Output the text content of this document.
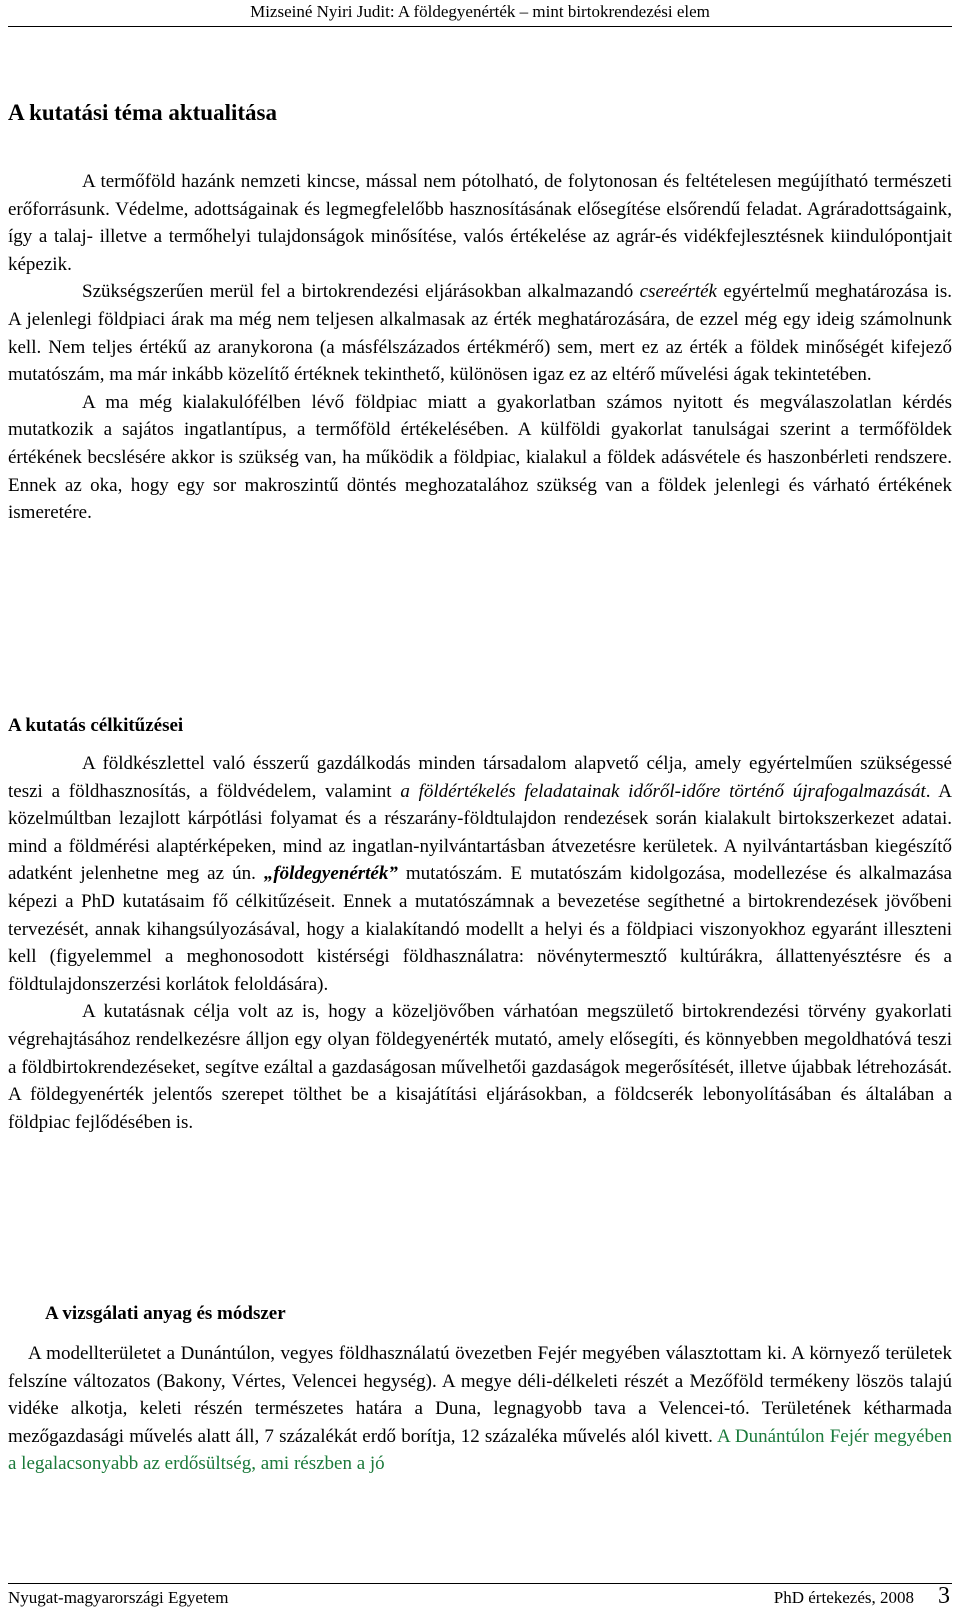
Mizseiné Nyiri Judit: A földegyenérték – mint birtokrendezési elem
A kutatási téma aktualitása

A termőföld hazánk nemzeti kincse, mással nem pótolható, de folytonosan és feltételesen megújítható természeti erőforrásunk. Védelme, adottságainak és legmegfelelőbb hasznosításának elősegítése elsőrendű feladat. Agráradottságaink, így a talaj- illetve a termőhelyi tulajdonságok minősítése, valós értékelése az agrár-és vidékfejlesztésnek kiindulópontjait képezik.

Szükségszerűen merül fel a birtokrendezési eljárásokban alkalmazandó csereérték egyértelmű meghatározása is. A jelenlegi földpiaci árak ma még nem teljesen alkalmasak az érték meghatározására, de ezzel még egy ideig számolnunk kell. Nem teljes értékű az aranykorona (a másfélszázados értékmérő) sem, mert ez az érték a földek minőségét kifejező mutatószám, ma már inkább közelítő értéknek tekinthető, különösen igaz ez az eltérő művelési ágak tekintetében.

A ma még kialakulófélben lévő földpiac miatt a gyakorlatban számos nyitott és megválaszolatlan kérdés mutatkozik a sajátos ingatlantípus, a termőföld értékelésében. A külföldi gyakorlat tanulságai szerint a termőföldek értékének becslésére akkor is szükség van, ha működik a földpiac, kialakul a földek adásvétele és haszonbérleti rendszere. Ennek az oka, hogy egy sor makroszintű döntés meghozatalához szükség van a földek jelenlegi és várható értékének ismeretére.

A kutatás célkitűzései

A földkészlettel való ésszerű gazdálkodás minden társadalom alapvető célja, amely egyértelműen szükségessé teszi a földhasznosítás, a földvédelem, valamint a földértékelés feladatainak időről-időre történő újrafogalmazását. A közelmúltban lezajlott kárpótlási folyamat és a részarány-földtulajdon rendezések során kialakult birtokszerkezet adatai. mind a földmérési alaptérképeken, mind az ingatlan-nyilvántartásban átvezetésre kerületek. A nyilvántartásban kiegészítő adatként jelenhetne meg az ún. „földegyenérték” mutatószám. E mutatószám kidolgozása, modellezése és alkalmazása képezi a PhD kutatásaim fő célkitűzéseit. Ennek a mutatószámnak a bevezetése segíthetné a birtokrendezések jövőbeni tervezését, annak kihangsúlyozásával, hogy a kialakítandó modellt a helyi és a földpiaci viszonyokhoz egyaránt illeszteni kell (figyelemmel a meghonosodott kistérségi földhasználatra: növénytermesztő kultúrákra, állattenyésztésre és a földtulajdonszerzési korlátok feloldására).

A kutatásnak célja volt az is, hogy a közeljövőben várhatóan megszülető birtokrendezési törvény gyakorlati végrehajtásához rendelkezésre álljon egy olyan földegyenérték mutató, amely elősegíti, és könnyebben megoldhatóvá teszi a földbirtokrendezéseket, segítve ezáltal a gazdaságosan művelhetői gazdaságok megerősítését, illetve újabbak létrehozását. A földegyenérték jelentős szerepet tölthet be a kisajátítási eljárásokban, a földcserék lebonyolításában és általában a földpiac fejlődésében is.

A vizsgálati anyag és módszer

A modellterületet a Dunántúlon, vegyes földhasználatú övezetben Fejér megyében választottam ki. A környező területek felszíne változatos (Bakony, Vértes, Velencei hegység). A megye déli-délkeleti részét a Mezőföld termékeny löszös talajú vidéke alkotja, keleti részén természetes határa a Duna, legnagyobb tava a Velencei-tó. Területének kétharmada mezőgazdasági művelés alatt áll, 7 százalékát erdő borítja, 12 százaléka művelés alól kivett. A Dunántúlon Fejér megyében a legalacsonyabb az erdősültség, ami részben a jó

Nyugat-magyarországi Egyetem	PhD értekezés, 2008 3
